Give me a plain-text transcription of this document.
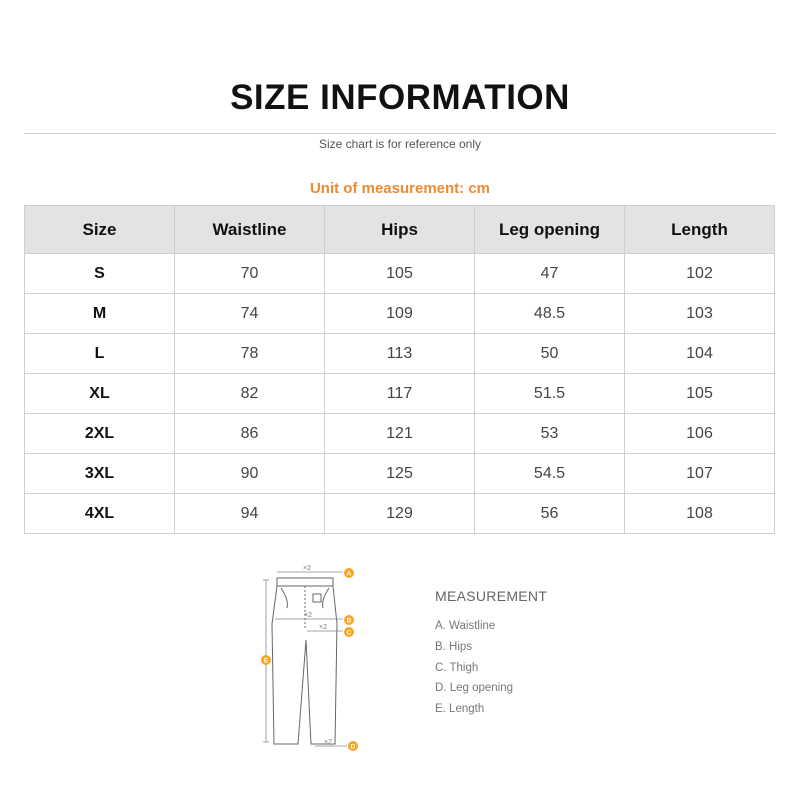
SIZE INFORMATION
Size chart is for reference only
Unit of measurement: cm
Size	Waistline	Hips	Leg opening	Length
S	70	105	47	102
M	74	109	48.5	103
L	78	113	50	104
XL	82	117	51.5	105
2XL	86	121	53	106
3XL	90	125	54.5	107
4XL	94	129	56	108
×2
×2
×2
×2
A
B
C
D
E
MEASUREMENT
A. Waistline
B. Hips
C. Thigh
D. Leg opening
E. Length
